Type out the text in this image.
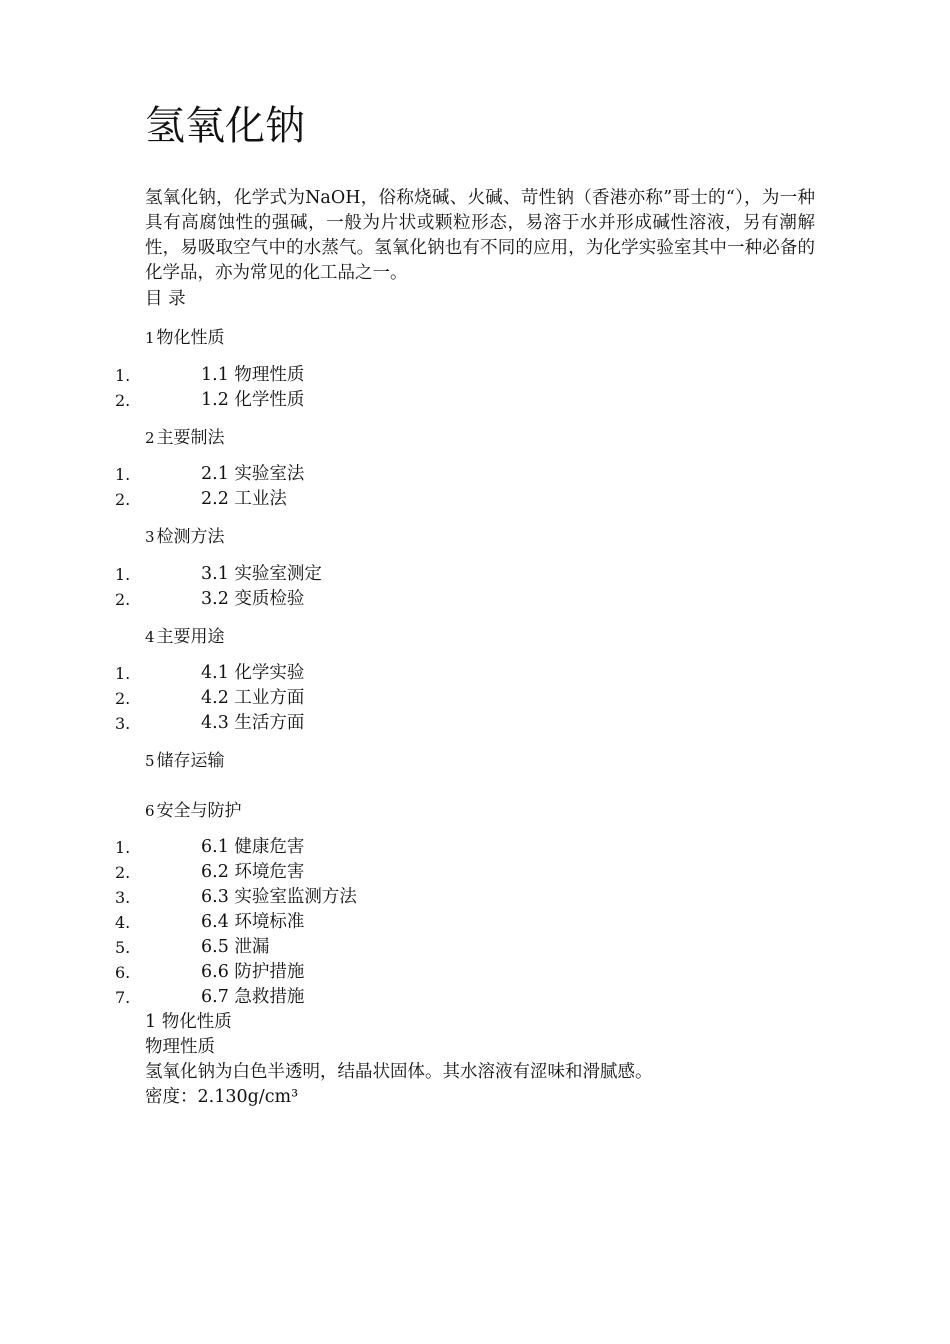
氢氧化钠

氢氧化钠，化学式为NaOH，俗称烧碱、火碱、苛性钠（香港亦称”哥士的“），为一种具有高腐蚀性的强碱，一般为片状或颗粒形态，易溶于水并形成碱性溶液，另有潮解性，易吸取空气中的水蒸气。氢氧化钠也有不同的应用，为化学实验室其中一种必备的化学品，亦为常见的化工品之一。

目 录
1 物化性质
1.	1.1 物理性质
2.	1.2 化学性质
2 主要制法
1.	2.1 实验室法
2.	2.2 工业法
3 检测方法
1.	3.1 实验室测定
2.	3.2 变质检验
4 主要用途
1.	4.1 化学实验
2.	4.2 工业方面
3.	4.3 生活方面
5 储存运输
6 安全与防护
1.	6.1 健康危害
2.	6.2 环境危害
3.	6.3 实验室监测方法
4.	6.4 环境标准
5.	6.5 泄漏
6.	6.6 防护措施
7.	6.7 急救措施
1 物化性质
物理性质
氢氧化钠为白色半透明，结晶状固体。其水溶液有涩味和滑腻感。
密度：2.130g/cm³
